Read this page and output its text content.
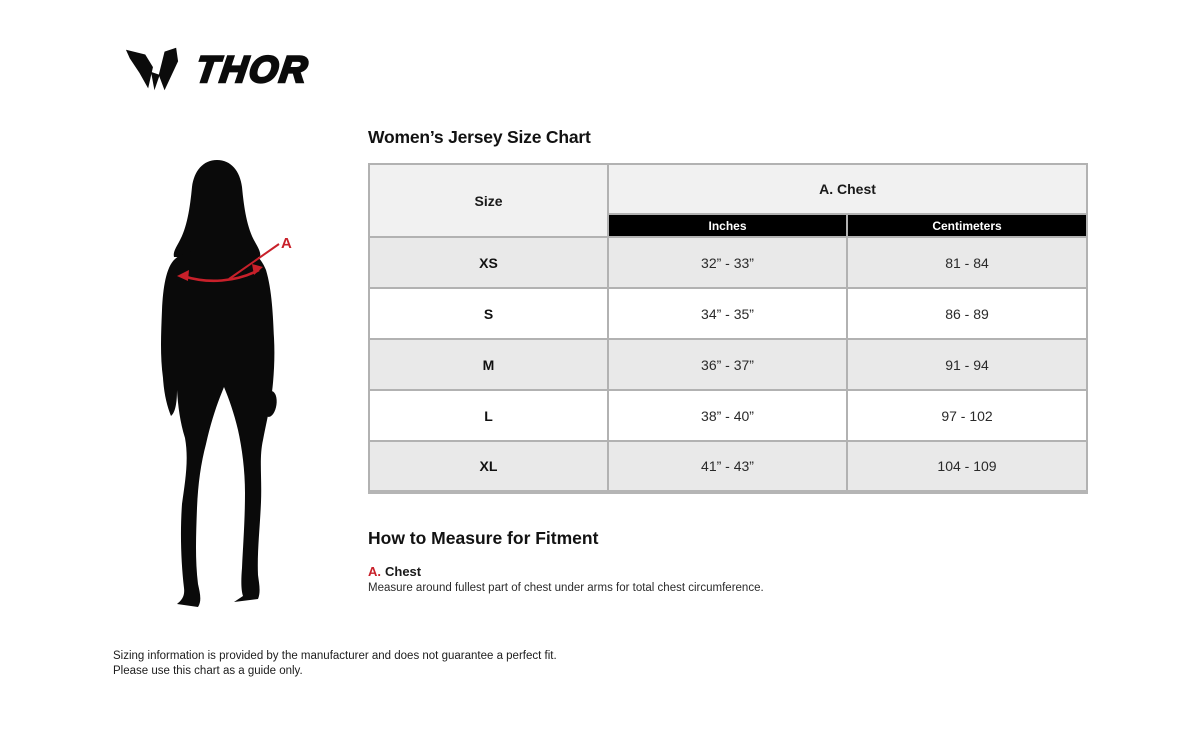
THOR
A
Women’s Jersey Size Chart
Size	A. Chest	
	Inches	Centimeters
XS	32” - 33”	81 - 84
S	34” - 35”	86 - 89
M	36” - 37”	91 - 94
L	38” - 40”	97 - 102
XL	41” - 43”	104 - 109
How to Measure for Fitment
A. Chest
Measure around fullest part of chest under arms for total chest circumference.
Sizing information is provided by the manufacturer and does not guarantee a perfect fit.
Please use this chart as a guide only.
